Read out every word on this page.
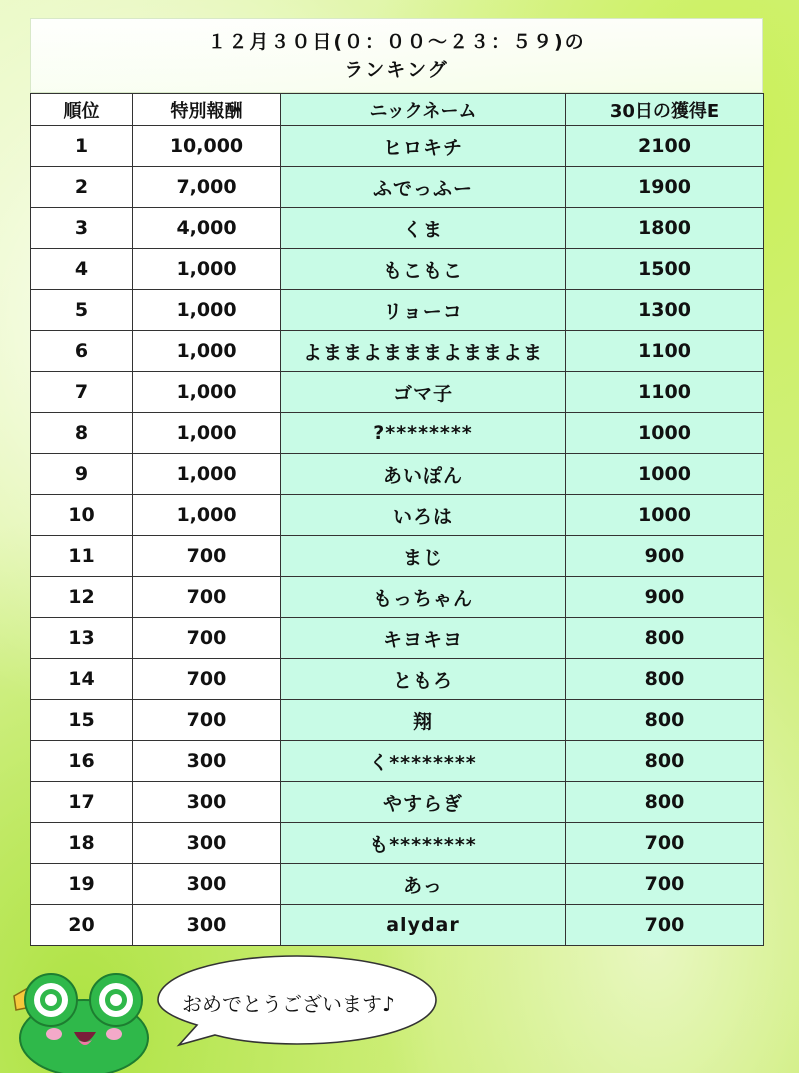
１２月３０日(０：００～２３：５９)の
ランキング
順位	特別報酬	ニックネーム	30日の獲得E
1	10,000	ヒロキチ	2100
2	7,000	ふでっふー	1900
3	4,000	くま	1800
4	1,000	もこもこ	1500
5	1,000	リョーコ	1300
6	1,000	よままよまままよままよま	1100
7	1,000	ゴマ子	1100
8	1,000	?********	1000
9	1,000	あいぽん	1000
10	1,000	いろは	1000
11	700	まじ	900
12	700	もっちゃん	900
13	700	キヨキヨ	800
14	700	ともろ	800
15	700	翔	800
16	300	く********	800
17	300	やすらぎ	800
18	300	も********	700
19	300	あっ	700
20	300	alydar	700
おめでとうございます♪
